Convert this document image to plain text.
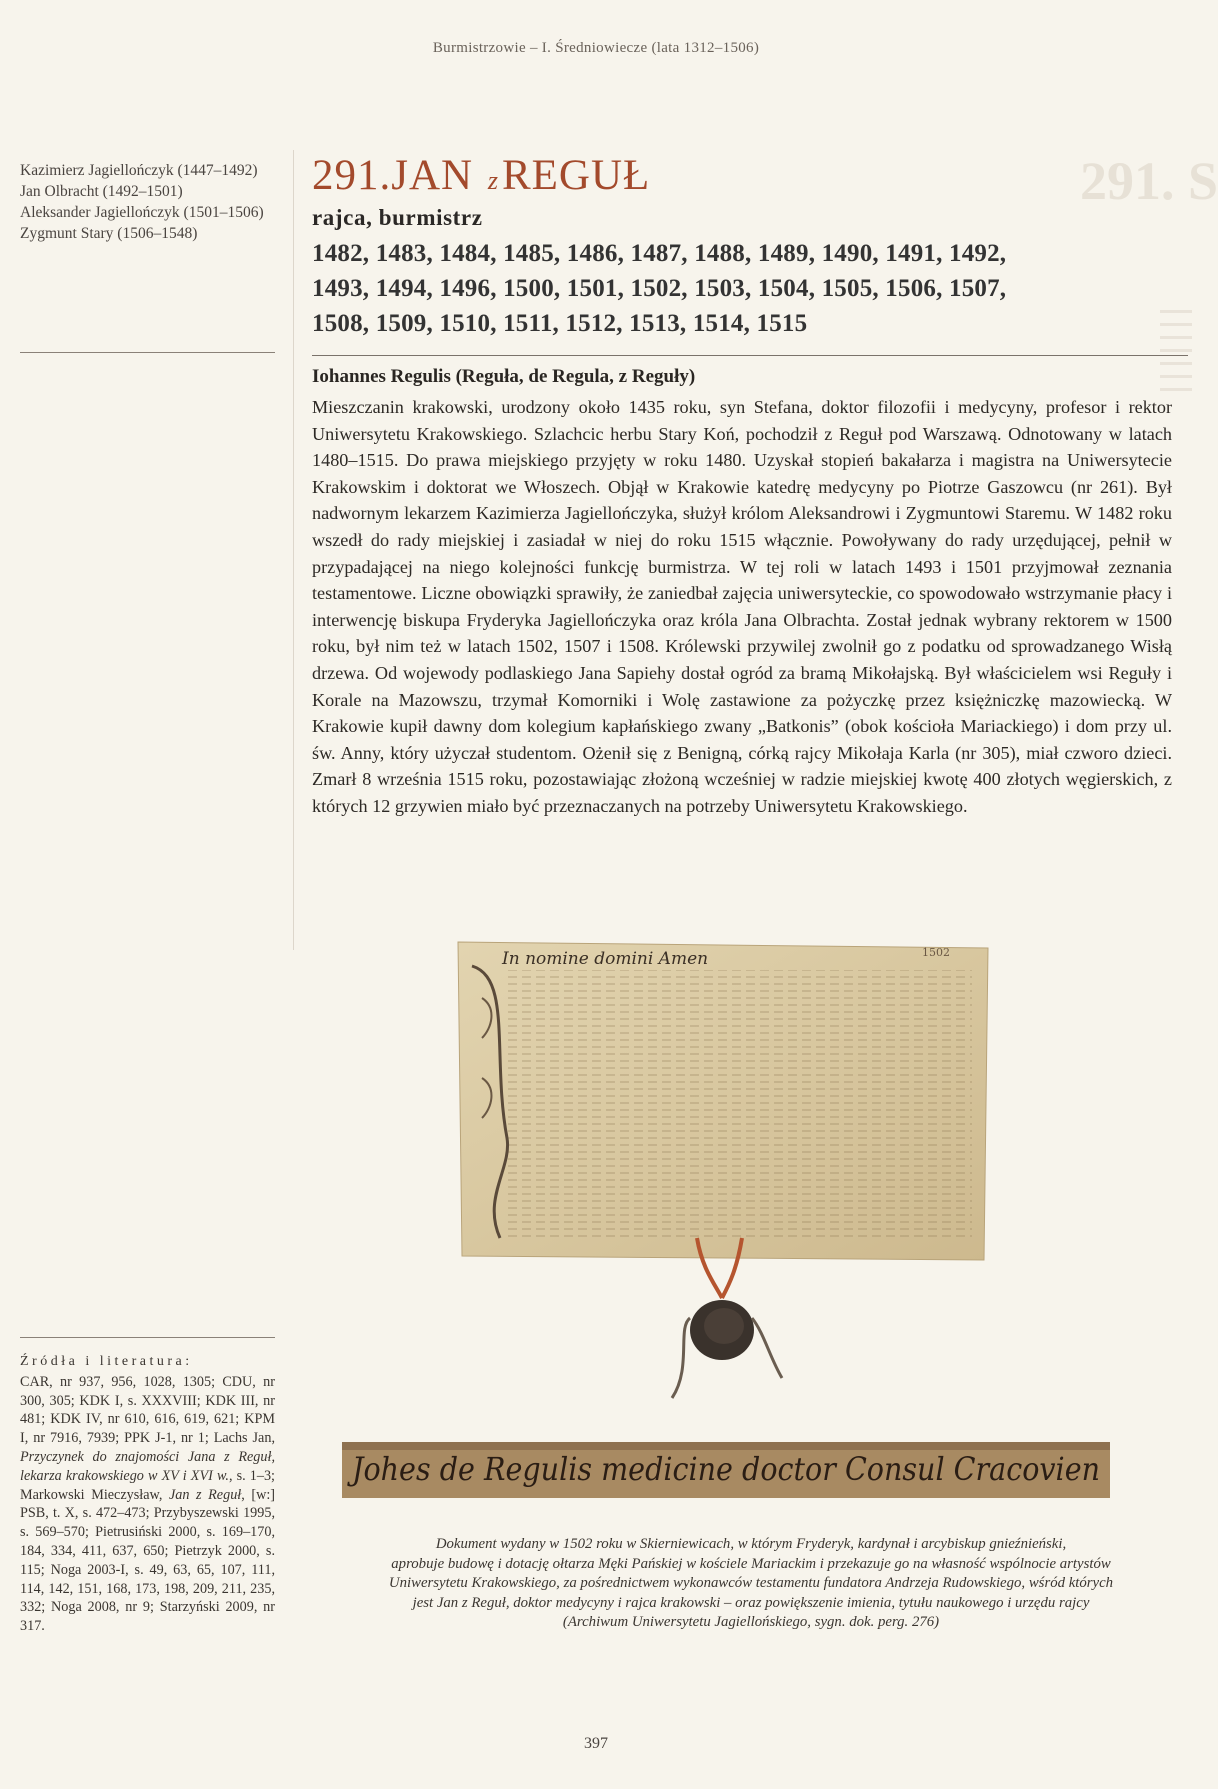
Burmistrzowie – I. Średniowiecze (lata 1312–1506)
291. S
Kazimierz Jagiellończyk (1447–1492)
Jan Olbracht (1492–1501)
Aleksander Jagiellończyk (1501–1506)
Zygmunt Stary (1506–1548)
291.JAN zREGUŁ
rajca, burmistrz
1482, 1483, 1484, 1485, 1486, 1487, 1488, 1489, 1490, 1491, 1492,
1493, 1494, 1496, 1500, 1501, 1502, 1503, 1504, 1505, 1506, 1507,
1508, 1509, 1510, 1511, 1512, 1513, 1514, 1515
Iohannes Regulis (Reguła, de Regula, z Reguły)
Mieszczanin krakowski, urodzony około 1435 roku, syn Stefana, doktor filozofii i medycyny, profesor i rektor Uniwersytetu Krakowskiego. Szlachcic herbu Stary Koń, pochodził z Reguł pod Warszawą. Odnotowany w latach 1480–1515. Do prawa miejskiego przyjęty w roku 1480. Uzyskał stopień bakałarza i magistra na Uniwersytecie Krakowskim i doktorat we Włoszech. Objął w Krakowie katedrę medycyny po Piotrze Gaszowcu (nr 261). Był nadwornym lekarzem Kazimierza Jagiellończyka, służył królom Aleksandrowi i Zygmuntowi Staremu. W 1482 roku wszedł do rady miejskiej i zasiadał w niej do roku 1515 włącznie. Powoływany do rady urzędującej, pełnił w przypadającej na niego kolejności funkcję burmistrza. W tej roli w latach 1493 i 1501 przyjmował zeznania testamentowe. Liczne obowiązki sprawiły, że zaniedbał zajęcia uniwersyteckie, co spowodowało wstrzymanie płacy i interwencję biskupa Fryderyka Jagiellończyka oraz króla Jana Olbrachta. Został jednak wybrany rektorem w 1500 roku, był nim też w latach 1502, 1507 i 1508. Królewski przywilej zwolnił go z podatku od sprowadzanego Wisłą drzewa. Od wojewody podlaskiego Jana Sapiehy dostał ogród za bramą Mikołajską. Był właścicielem wsi Reguły i Korale na Mazowszu, trzymał Komorniki i Wolę zastawione za pożyczkę przez księżniczkę mazowiecką. W Krakowie kupił dawny dom kolegium kapłańskiego zwany „Batkonis” (obok kościoła Mariackiego) i dom przy ul. św. Anny, który użyczał studentom. Ożenił się z Benigną, córką rajcy Mikołaja Karla (nr 305), miał czworo dzieci. Zmarł 8 września 1515 roku, pozostawiając złożoną wcześniej w radzie miejskiej kwotę 400 złotych węgierskich, z których 12 grzywien miało być przeznaczanych na potrzeby Uniwersytetu Krakowskiego.
In nomine domini Amen	1502
Johes de Regulis medicine doctor Consul Cracovien
Dokument wydany w 1502 roku w Skierniewicach, w którym Fryderyk, kardynał i arcybiskup gnieźnieński,
aprobuje budowę i dotację ołtarza Męki Pańskiej w kościele Mariackim i przekazuje go na własność wspólnocie artystów
Uniwersytetu Krakowskiego, za pośrednictwem wykonawców testamentu fundatora Andrzeja Rudowskiego, wśród których
jest Jan z Reguł, doktor medycyny i rajca krakowski – oraz powiększenie imienia, tytułu naukowego i urzędu rajcy
(Archiwum Uniwersytetu Jagiellońskiego, sygn. dok. perg. 276)
Źródła i literatura:
CAR, nr 937, 956, 1028, 1305; CDU, nr 300, 305; KDK I, s. XXXVIII; KDK III, nr 481; KDK IV, nr 610, 616, 619, 621; KPM I, nr 7916, 7939; PPK J-1, nr 1; Lachs Jan, Przyczynek do znajomości Jana z Reguł, lekarza krakowskiego w XV i XVI w., s. 1–3; Markowski Mieczysław, Jan z Reguł, [w:] PSB, t. X, s. 472–473; Przybyszewski 1995, s. 569–570; Pietrusiński 2000, s. 169–170, 184, 334, 411, 637, 650; Pietrzyk 2000, s. 115; Noga 2003-I, s. 49, 63, 65, 107, 111, 114, 142, 151, 168, 173, 198, 209, 211, 235, 332; Noga 2008, nr 9; Starzyński 2009, nr 317.
397
